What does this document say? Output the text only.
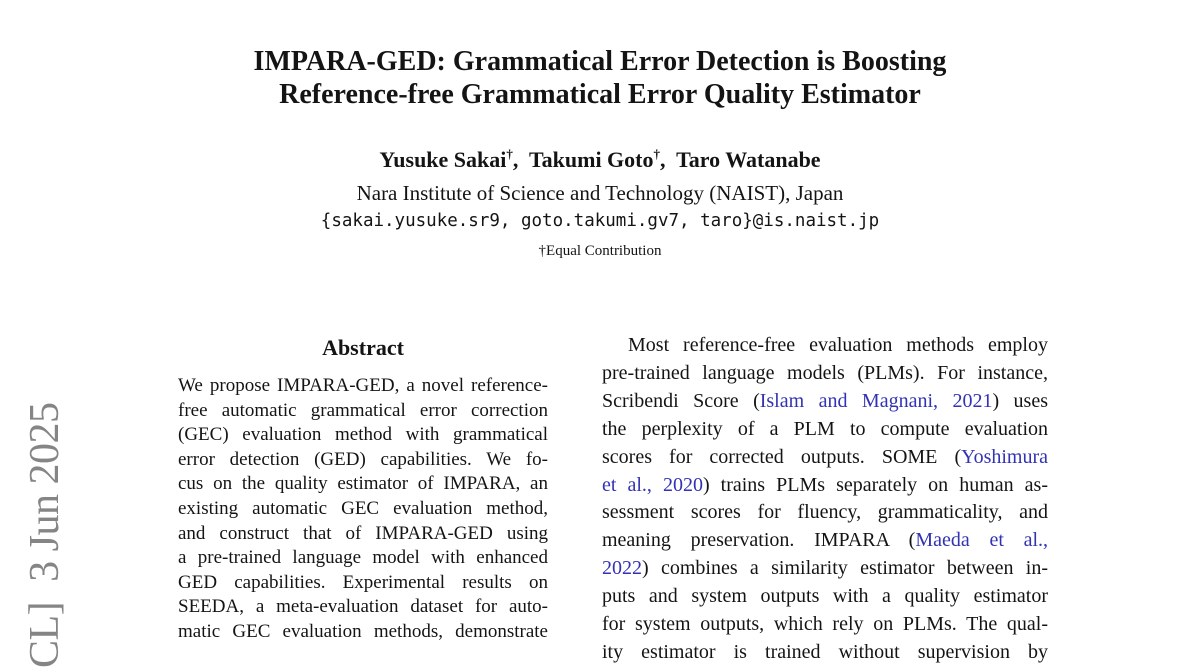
CL]  3 Jun 2025
IMPARA-GED: Grammatical Error Detection is Boosting
Reference-free Grammatical Error Quality Estimator
Yusuke Sakai†,  Takumi Goto†,  Taro Watanabe
Nara Institute of Science and Technology (NAIST), Japan
{sakai.yusuke.sr9, goto.takumi.gv7, taro}@is.naist.jp
†Equal Contribution
Abstract
We propose IMPARA-GED, a novel reference-
free automatic grammatical error correction
(GEC) evaluation method with grammatical
error detection (GED) capabilities. We fo-
cus on the quality estimator of IMPARA, an
existing automatic GEC evaluation method,
and construct that of IMPARA-GED using
a pre-trained language model with enhanced
GED capabilities. Experimental results on
SEEDA, a meta-evaluation dataset for auto-
matic GEC evaluation methods, demonstrate
Most reference-free evaluation methods employ
pre-trained language models (PLMs). For instance,
Scribendi Score (Islam and Magnani, 2021) uses
the perplexity of a PLM to compute evaluation
scores for corrected outputs. SOME (Yoshimura
et al., 2020) trains PLMs separately on human as-
sessment scores for fluency, grammaticality, and
meaning preservation. IMPARA (Maeda et al.,
2022) combines a similarity estimator between in-
puts and system outputs with a quality estimator
for system outputs, which rely on PLMs. The qual-
ity estimator is trained without supervision by
